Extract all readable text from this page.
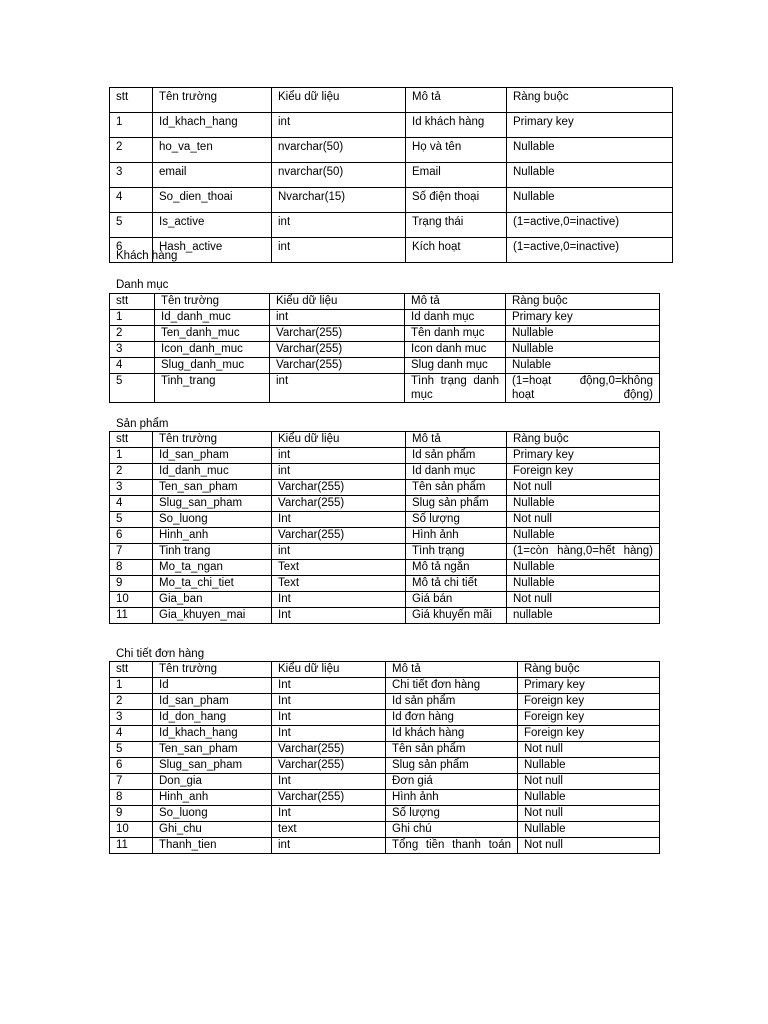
stt	Tên trường	Kiểu dữ liệu	Mô tả	Ràng buộc
1	Id_khach_hang	int	Id khách hàng	Primary key
2	ho_va_ten	nvarchar(50)	Họ và tên	Nullable
3	email	nvarchar(50)	Email	Nullable
4	So_dien_thoai	Nvarchar(15)	Số điện thoại	Nullable
5	Is_active	int	Trạng thái	(1=active,0=inactive)
6	Hash_active	int	Kích hoạt	(1=active,0=inactive)
Khách hàng
Danh mục
stt	Tên trường	Kiểu dữ liệu	Mô tả	Ràng buộc
1	Id_danh_muc	int	Id danh mục	Primary key
2	Ten_danh_muc	Varchar(255)	Tên danh mục	Nullable
3	Icon_danh_muc	Varchar(255)	Icon danh muc	Nullable
4	Slug_danh_muc	Varchar(255)	Slug danh mục	Nulable
5	Tinh_trang	int	Tình trạng danh mục	(1=hoạt động,0=không hoạt động)
Sản phẩm
stt	Tên trường	Kiểu dữ liệu	Mô tả	Ràng buộc
1	Id_san_pham	int	Id sản phẩm	Primary key
2	Id_danh_muc	int	Id danh mục	Foreign key
3	Ten_san_pham	Varchar(255)	Tên sản phẩm	Not null
4	Slug_san_pham	Varchar(255)	Slug sản phẩm	Nullable
5	So_luong	Int	Số lượng	Not null
6	Hinh_anh	Varchar(255)	Hình ảnh	Nullable
7	Tinh trang	int	Tình trạng	(1=còn hàng,0=hết hàng)
8	Mo_ta_ngan	Text	Mô tả ngắn	Nullable
9	Mo_ta_chi_tiet	Text	Mô tả chi tiết	Nullable
10	Gia_ban	Int	Giá bán	Not null
11	Gia_khuyen_mai	Int	Giá khuyến mãi	nullable
Chi tiết đơn hàng
stt	Tên trường	Kiểu dữ liệu	Mô tả	Ràng buộc
1	Id	Int	Chi tiết đơn hàng	Primary key
2	Id_san_pham	Int	Id sản phẩm	Foreign key
3	Id_don_hang	Int	Id đơn hàng	Foreign key
4	Id_khach_hang	Int	Id khách hàng	Foreign key
5	Ten_san_pham	Varchar(255)	Tên sản phẩm	Not null
6	Slug_san_pham	Varchar(255)	Slug sản phẩm	Nullable
7	Don_gia	Int	Đơn giá	Not null
8	Hinh_anh	Varchar(255)	Hình ảnh	Nullable
9	So_luong	Int	Số lượng	Not null
10	Ghi_chu	text	Ghi chú	Nullable
11	Thanh_tien	int	Tổng tiền thanh toán	Not null
